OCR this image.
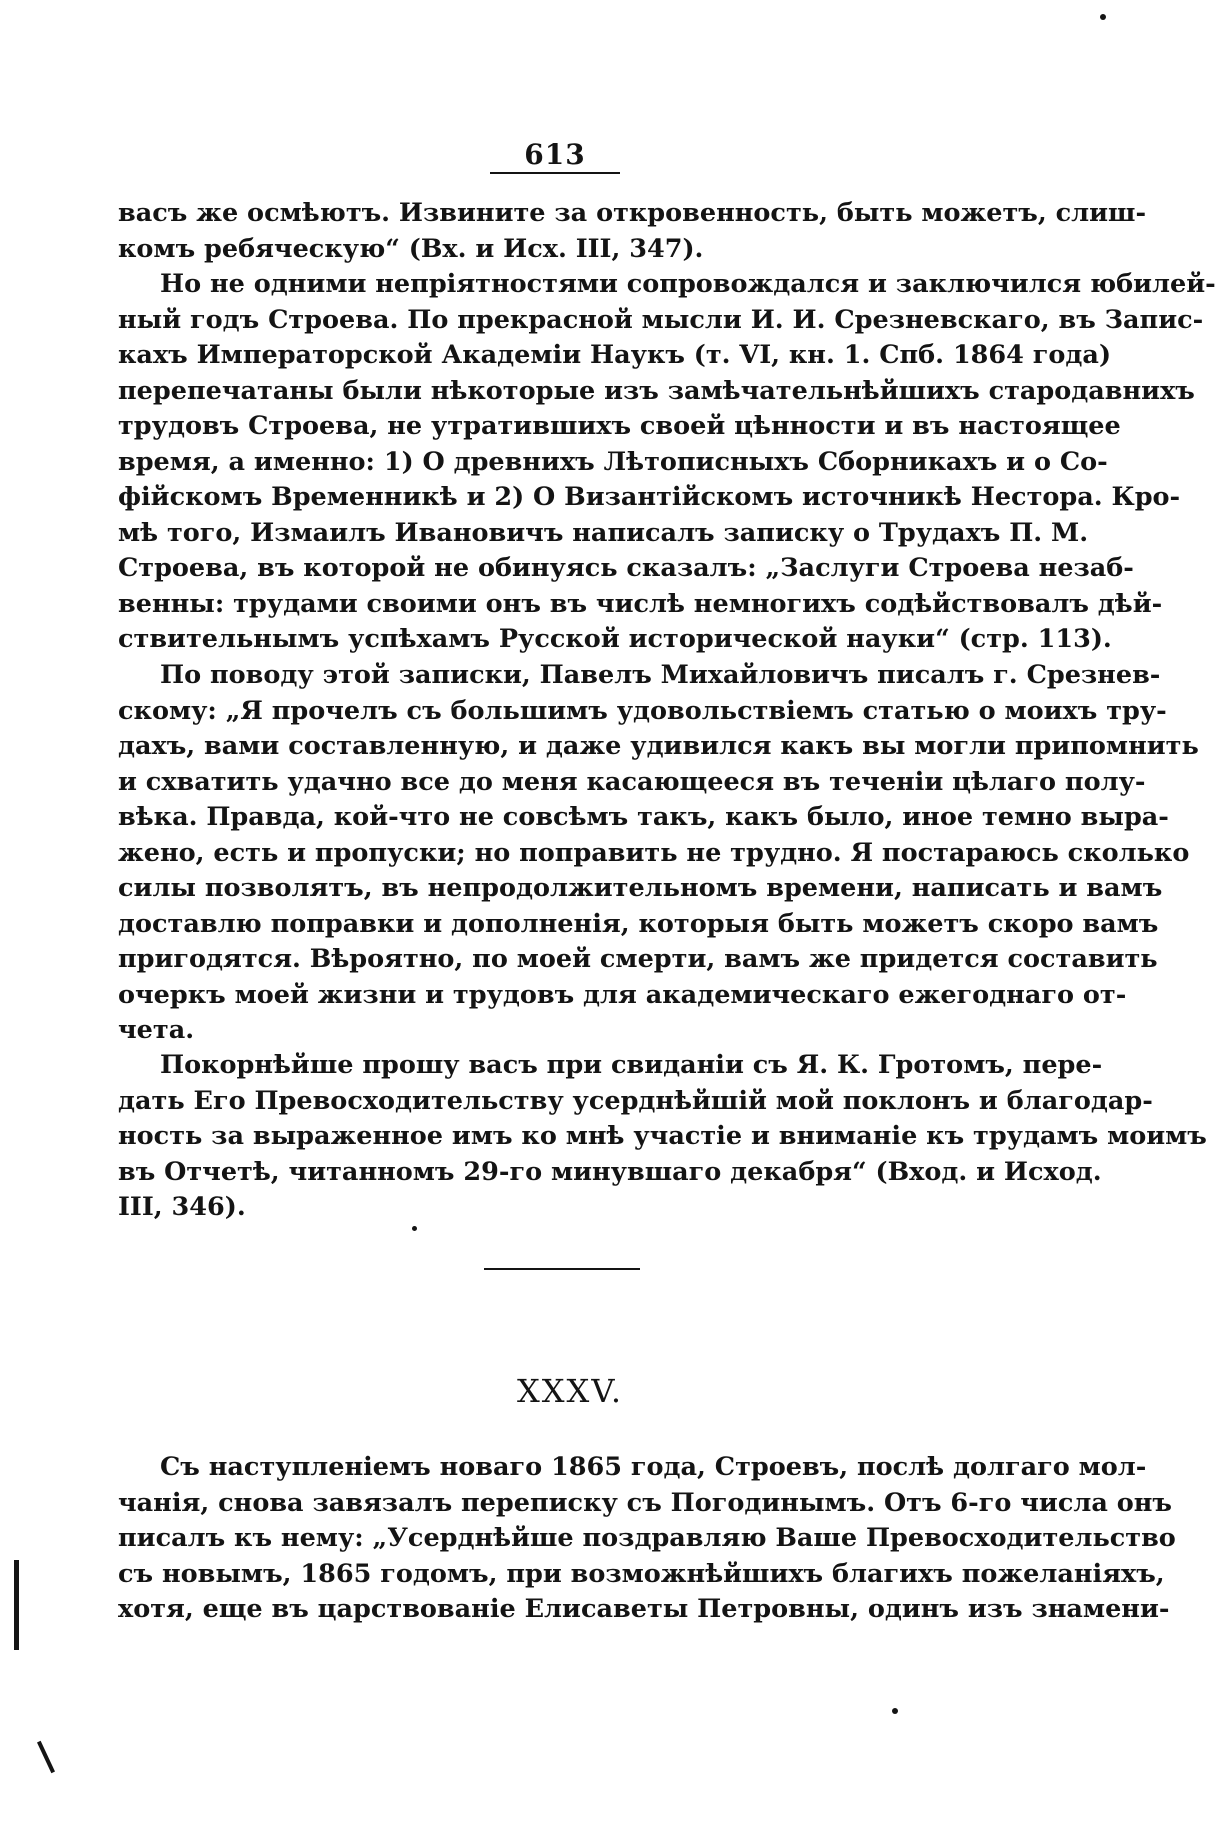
613
васъ же осмѣютъ. Извините за откровенность, быть можетъ, слиш-
комъ ребяческую“ (Вх. и Исх. III, 347).
Но не одними непріятностями сопровождался и заключился юбилей-
ный годъ Строева. По прекрасной мысли И. И. Срезневскаго, въ Запис-
кахъ Императорской Академіи Наукъ (т. VI, кн. 1. Спб. 1864 года)
перепечатаны были нѣкоторые изъ замѣчательнѣйшихъ стародавнихъ
трудовъ Строева, не утратившихъ своей цѣнности и въ настоящее
время, а именно: 1) О древнихъ Лѣтописныхъ Сборникахъ и о Со-
фійскомъ Временникѣ и 2) О Византійскомъ источникѣ Нестора. Кро-
мѣ того, Измаилъ Ивановичъ написалъ записку о Трудахъ П. М.
Строева, въ которой не обинуясь сказалъ: „Заслуги Строева незаб-
венны: трудами своими онъ въ числѣ немногихъ содѣйствовалъ дѣй-
ствительнымъ успѣхамъ Русской исторической науки“ (стр. 113).
По поводу этой записки, Павелъ Михайловичъ писалъ г. Срезнев-
скому: „Я прочелъ съ большимъ удовольствіемъ статью о моихъ тру-
дахъ, вами составленную, и даже удивился какъ вы могли припомнить
и схватить удачно все до меня касающееся въ теченіи цѣлаго полу-
вѣка. Правда, кой-что не совсѣмъ такъ, какъ было, иное темно выра-
жено, есть и пропуски; но поправить не трудно. Я постараюсь сколько
силы позволятъ, въ непродолжительномъ времени, написать и вамъ
доставлю поправки и дополненія, которыя быть можетъ скоро вамъ
пригодятся. Вѣроятно, по моей смерти, вамъ же придется составить
очеркъ моей жизни и трудовъ для академическаго ежегоднаго от-
чета.
Покорнѣйше прошу васъ при свиданіи съ Я. К. Гротомъ, пере-
дать Его Превосходительству усерднѣйшій мой поклонъ и благодар-
ность за выраженное имъ ко мнѣ участіе и вниманіе къ трудамъ моимъ
въ Отчетѣ, читанномъ 29-го минувшаго декабря“ (Вход. и Исход.
III, 346).
XXXV.
Съ наступленіемъ новаго 1865 года, Строевъ, послѣ долгаго мол-
чанія, снова завязалъ переписку съ Погодинымъ. Отъ 6-го числа онъ
писалъ къ нему: „Усерднѣйше поздравляю Ваше Превосходительство
съ новымъ, 1865 годомъ, при возможнѣйшихъ благихъ пожеланіяхъ,
хотя, еще въ царствованіе Елисаветы Петровны, одинъ изъ знамени-
